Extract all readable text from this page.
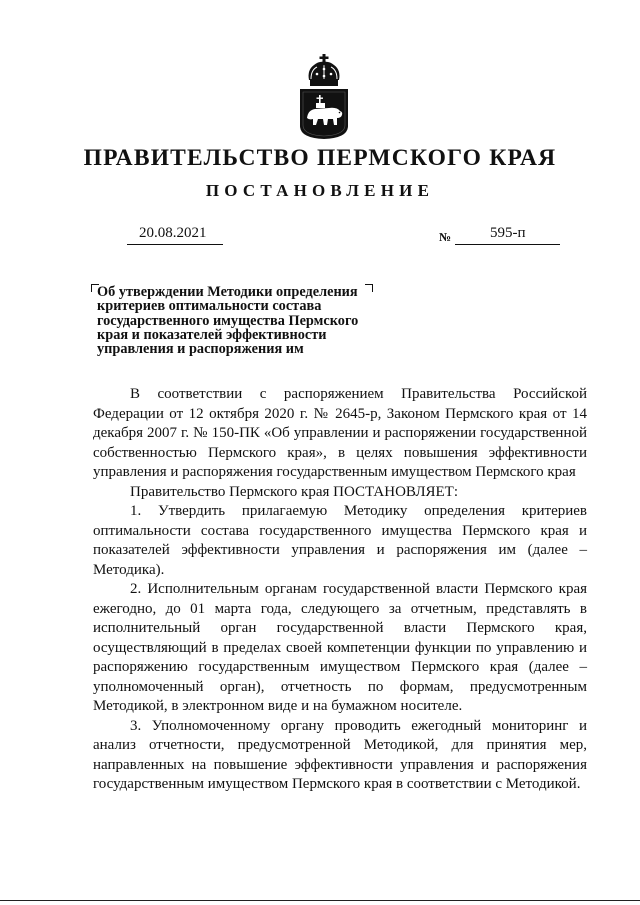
ПРАВИТЕЛЬСТВО ПЕРМСКОГО КРАЯ
ПОСТАНОВЛЕНИЕ
20.08.2021	№	595-п
Об утверждении Методики определения
критериев оптимальности состава
государственного имущества Пермского
края и показателей эффективности
управления и распоряжения им

В соответствии с распоряжением Правительства Российской Федерации от 12 октября 2020 г. № 2645-р, Законом Пермского края от 14 декабря 2007 г. № 150-ПК «Об управлении и распоряжении государственной собственностью Пермского края», в целях повышения эффективности управления и распоряжения государственным имуществом Пермского края

Правительство Пермского края ПОСТАНОВЛЯЕТ:

1. Утвердить прилагаемую Методику определения критериев оптимальности состава государственного имущества Пермского края и показателей эффективности управления и распоряжения им (далее – Методика).

2. Исполнительным органам государственной власти Пермского края ежегодно, до 01 марта года, следующего за отчетным, представлять в исполнительный орган государственной власти Пермского края, осуществляющий в пределах своей компетенции функции по управлению и распоряжению государственным имуществом Пермского края (далее – уполномоченный орган), отчетность по формам, предусмотренным Методикой, в электронном виде и на бумажном носителе.

3. Уполномоченному органу проводить ежегодный мониторинг и анализ отчетности, предусмотренной Методикой, для принятия мер, направленных на повышение эффективности управления и распоряжения государственным имуществом Пермского края в соответствии с Методикой.
